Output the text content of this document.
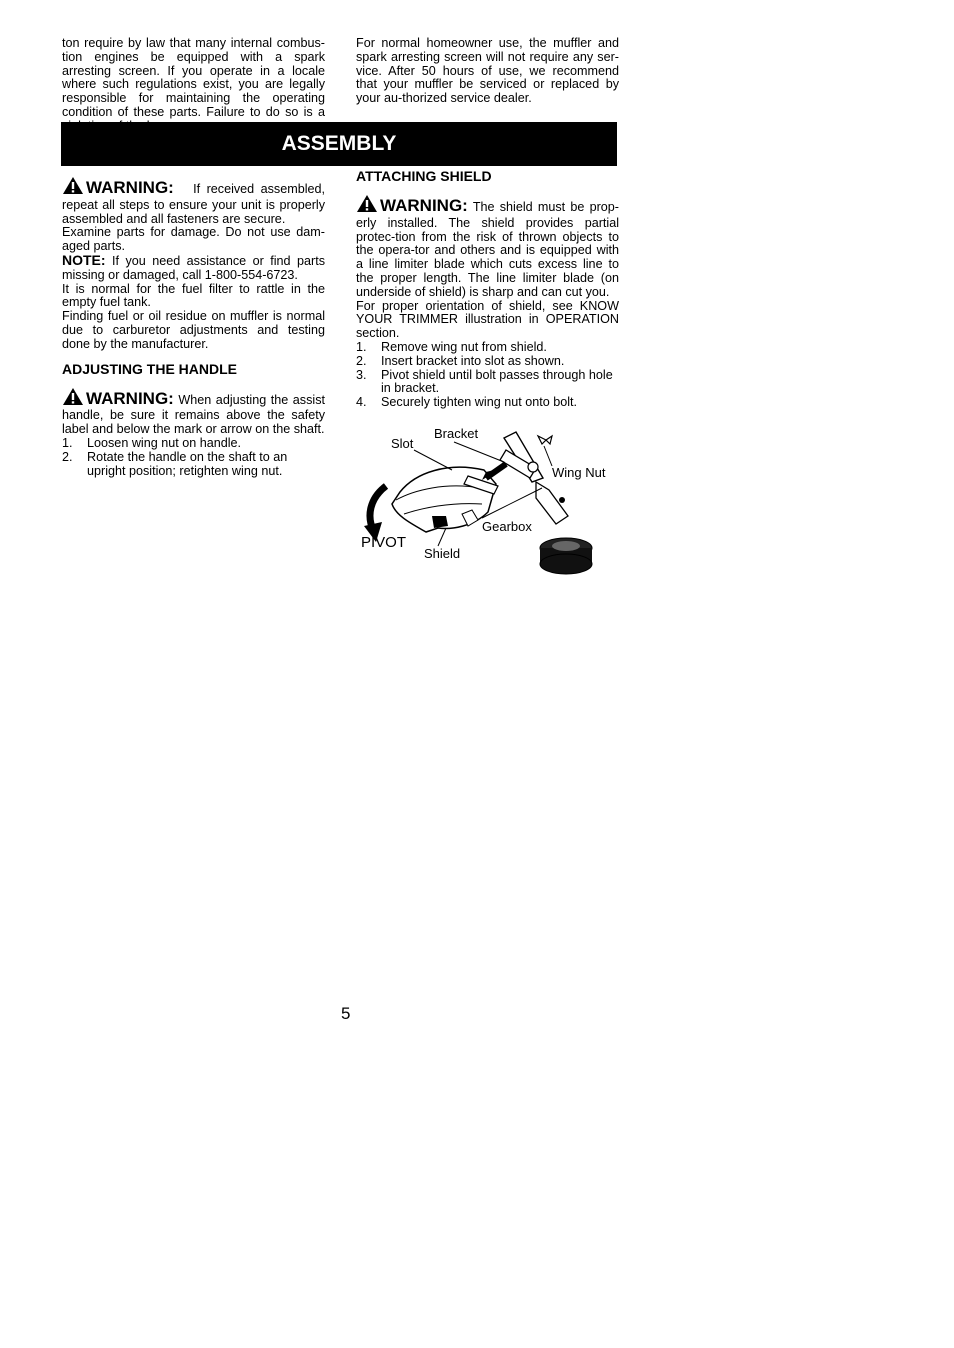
ton require by law that many internal combus-tion engines be equipped with a spark arresting screen. If you operate in a locale where such regulations exist, you are legally responsible for maintaining the operating condition of these parts. Failure to do so is a

For normal homeowner use, the muffler and spark arresting screen will not require any ser-vice. After 50 hours of use, we recommend that your muffler be serviced or replaced by your au-thorized service dealer.

ASSEMBLY

WARNING: If received assembled, repeat all steps to ensure your unit is properly assembled and all fasteners are secure.

Examine parts for damage. Do not use dam-aged parts.

NOTE: If you need assistance or find parts missing or damaged, call 1-800-554-6723.

It is normal for the fuel filter to rattle in the empty fuel tank.

Finding fuel or oil residue on muffler is normal due to carburetor adjustments and testing done by the manufacturer.

ADJUSTING THE HANDLE

WARNING: When adjusting the assist handle, be sure it remains above the safety label and below the mark or arrow on the shaft.

1. Loosen wing nut on handle.
2. Rotate the handle on the shaft to an upright position; retighten wing nut.
ATTACHING SHIELD

WARNING: The shield must be prop-erly installed. The shield provides partial protec-tion from the risk of thrown objects to the opera-tor and others and is equipped with a line limiter blade which cuts excess line to the proper length. The line limiter blade (on underside of shield) is sharp and can cut you.

For proper orientation of shield, see KNOW YOUR TRIMMER illustration in OPERATION section.

1. Remove wing nut from shield.
2. Insert bracket into slot as shown.
3. Pivot shield until bolt passes through hole in bracket.
4. Securely tighten wing nut onto bolt.
Slot
Bracket
Wing Nut
Gearbox
PIVOT
Shield
5
